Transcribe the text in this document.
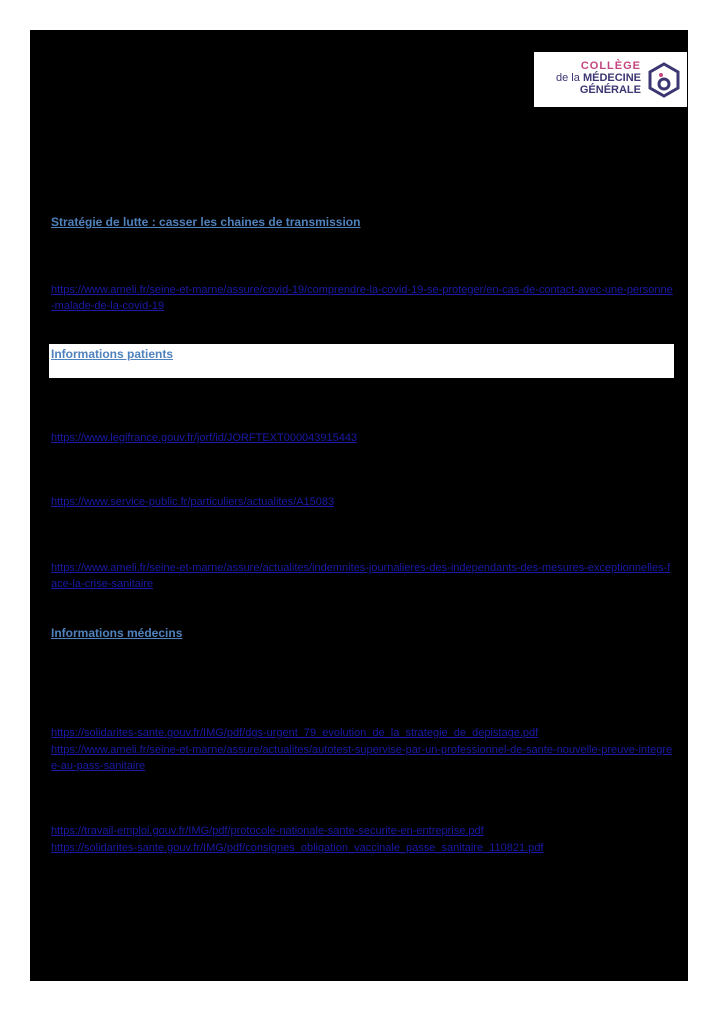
COLLÈGE
de la MÉDECINE
GÉNÉRALE
Stratégie de lutte : casser les chaines de transmission
https://www.ameli.fr/seine-et-marne/assure/covid-19/comprendre-la-covid-19-se-proteger/en-cas-de-contact-avec-une-personne-malade-de-la-covid-19
Informations patients
https://www.legifrance.gouv.fr/jorf/id/JORFTEXT000043915443
https://www.service-public.fr/particuliers/actualites/A15083
https://www.ameli.fr/seine-et-marne/assure/actualites/indemnites-journalieres-des-independants-des-mesures-exceptionnelles-face-la-crise-sanitaire
Informations médecins
https://solidarites-sante.gouv.fr/IMG/pdf/dgs-urgent_79_evolution_de_la_strategie_de_depistage.pdf
https://www.ameli.fr/seine-et-marne/assure/actualites/autotest-supervise-par-un-professionnel-de-sante-nouvelle-preuve-integree-au-pass-sanitaire
https://travail-emploi.gouv.fr/IMG/pdf/protocole-nationale-sante-securite-en-entreprise.pdf
https://solidarites-sante.gouv.fr/IMG/pdf/consignes_obligation_vaccinale_passe_sanitaire_110821.pdf
